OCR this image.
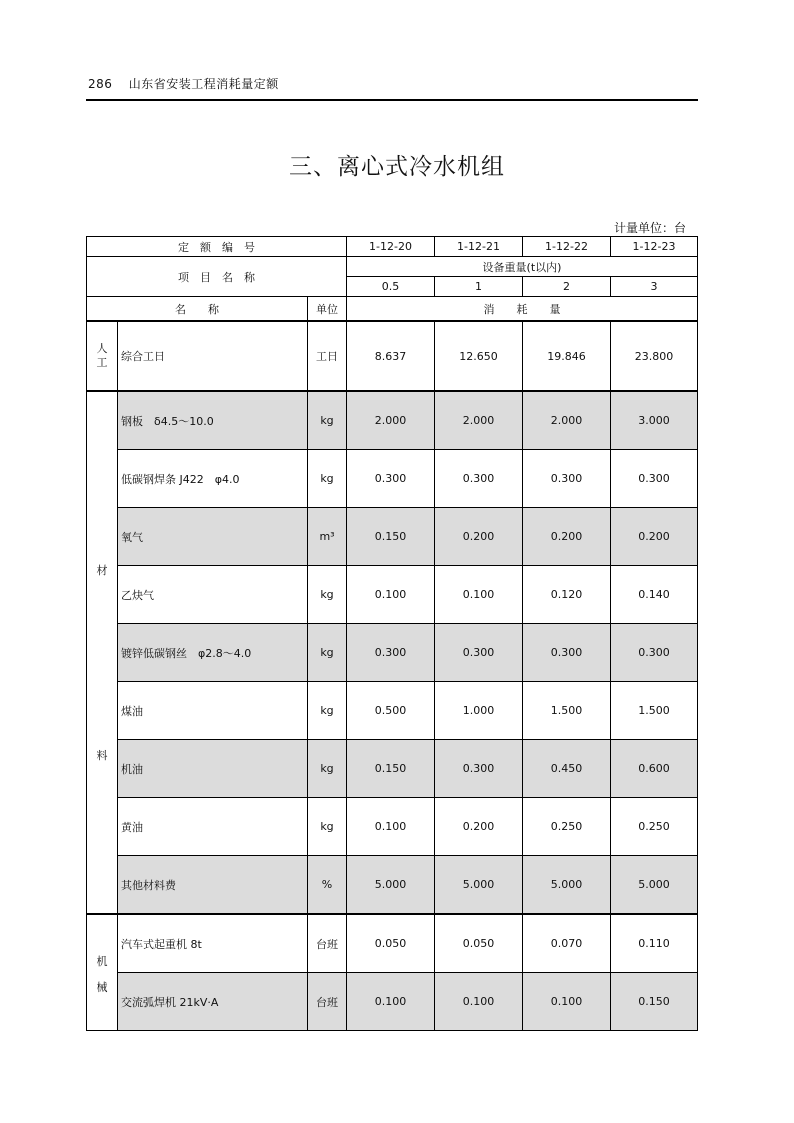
286 山东省安装工程消耗量定额
三、离心式冷水机组
计量单位：台
定　额　编　号			1-12-20	1-12-21	1-12-22	1-12-23
项　目　名　称			设备重量(t以内)			
			0.5	1	2	3
名　　称		单位	消　　耗　　量			

人
工	综合工日	工日	8.637	12.650	19.846	23.800

材
料	钢板　δ4.5～10.0	kg	2.000	2.000	2.000	3.000
	低碳钢焊条 J422　φ4.0	kg	0.300	0.300	0.300	0.300
	氧气	m³	0.150	0.200	0.200	0.200
	乙炔气	kg	0.100	0.100	0.120	0.140
	镀锌低碳钢丝　φ2.8～4.0	kg	0.300	0.300	0.300	0.300
	煤油	kg	0.500	1.000	1.500	1.500
	机油	kg	0.150	0.300	0.450	0.600
	黄油	kg	0.100	0.200	0.250	0.250
	其他材料费	%	5.000	5.000	5.000	5.000

机
械	汽车式起重机 8t	台班	0.050	0.050	0.070	0.110
	交流弧焊机 21kV·A	台班	0.100	0.100	0.100	0.150
